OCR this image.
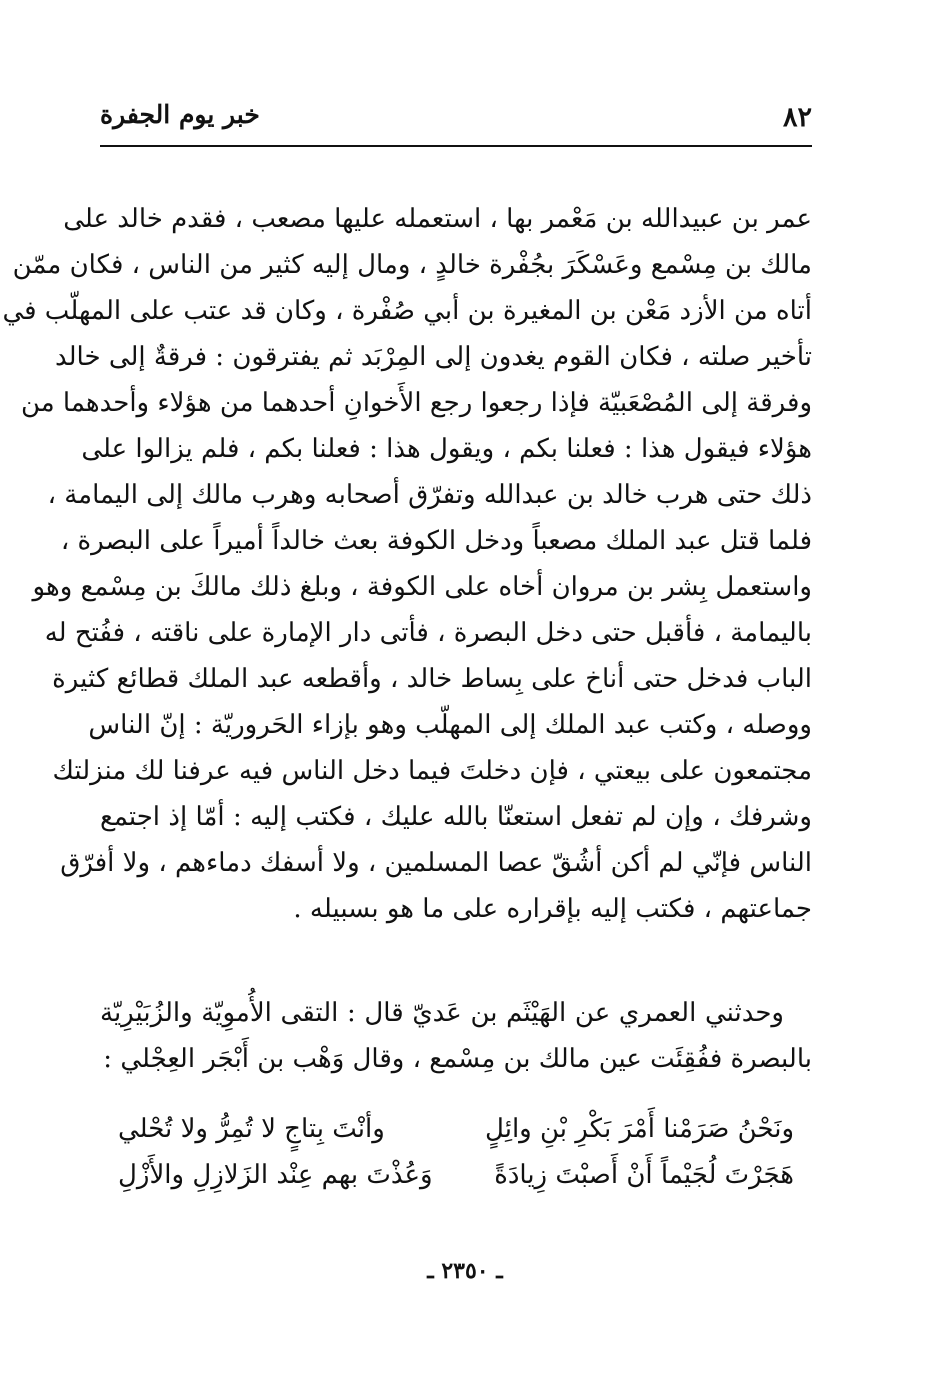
٨٢
خبر يوم الجفرة
عمر بن عبيدالله بن مَعْمر بها ، استعمله عليها مصعب ، فقدم خالد على
مالك بن مِسْمع وعَسْكَرَ بجُفْرة خالدٍ ، ومال إليه كثير من الناس ، فكان ممّن
أتاه من الأزد مَعْن بن المغيرة بن أبي صُفْرة ، وكان قد عتب على المهلّب في
تأخير صلته ، فكان القوم يغدون إلى المِرْبَد ثم يفترقون : فرقةٌ إلى خالد
وفرقة إلى المُصْعَبيّة فإذا رجعوا رجع الأَخوانِ أحدهما من هؤلاء وأحدهما من
هؤلاء فيقول هذا : فعلنا بكم ، ويقول هذا : فعلنا بكم ، فلم يزالوا على
ذلك حتى هرب خالد بن عبدالله وتفرّق أصحابه وهرب مالك إلى اليمامة ،
فلما قتل عبد الملك مصعباً ودخل الكوفة بعث خالداً أميراً على البصرة ،
واستعمل بِشر بن مروان أخاه على الكوفة ، وبلغ ذلك مالكَ بن مِسْمع وهو
باليمامة ، فأقبل حتى دخل البصرة ، فأتى دار الإمارة على ناقته ، ففُتح له
الباب فدخل حتى أناخ على بِساط خالد ، وأقطعه عبد الملك قطائع كثيرة
ووصله ، وكتب عبد الملك إلى المهلّب وهو بإزاء الحَروريّة : إنّ الناس
مجتمعون على بيعتي ، فإن دخلتَ فيما دخل الناس فيه عرفنا لك منزلتك
وشرفك ، وإن لم تفعل استعنّا بالله عليك ، فكتب إليه : أمّا إذ اجتمع
الناس فإنّي لم أكن أشُقّ عصا المسلمين ، ولا أسفك دماءهم ، ولا أفرّق
جماعتهم ، فكتب إليه بإقراره على ما هو بسبيله .
وحدثني العمري عن الهَيْثَم بن عَديّ قال : التقى الأُموِيّة والزُبَيْرِيّة
بالبصرة ففُقِئَت عين مالك بن مِسْمع ، وقال وَهْب بن أَبْجَر العِجْلي :
ونَحْنُ صَرَمْنا أَمْرَ بَكْرِ بْنِ وائِلٍ
وأنْتَ بِتاجٍ لا تُمِرُّ ولا تُحْلي
هَجَرْتَ لُجَيْماً أَنْ أَصبْتَ زِيادَةً
وَعُذْتَ بهم عِنْد الزَلازِلِ والأَزْلِ
ـ ٢٣٥٠ ـ
